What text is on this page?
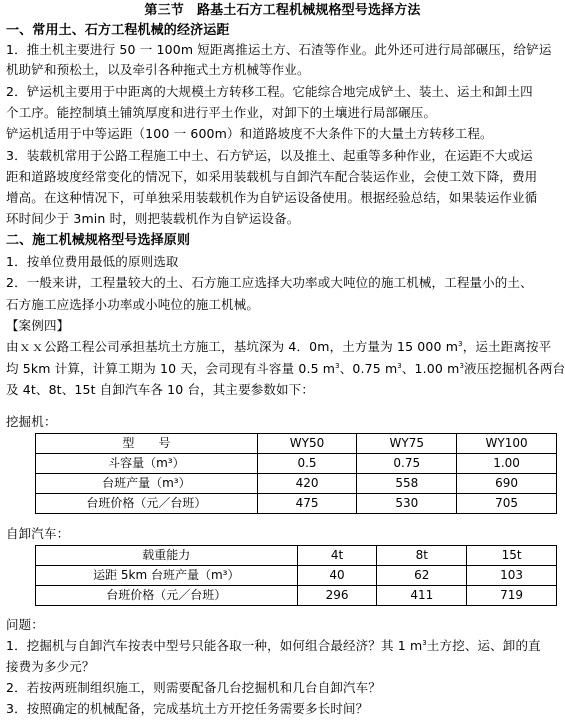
第三节　路基土石方工程机械规格型号选择方法
一、常用土、石方工程机械的经济运距
1．推土机主要进行 50 一 100m 短距离推运土方、石渣等作业。此外还可进行局部碾压，给铲运
机助铲和预松土，以及牵引各种拖式土方机械等作业。
2．铲运机主要用于中距离的大规模土方转移工程。它能综合地完成铲土、装土、运土和卸土四
个工序。能控制填土铺筑厚度和进行平土作业，对卸下的土壤进行局部碾压。
铲运机适用于中等运距（100 一 600m）和道路坡度不大条件下的大量土方转移工程。
3．装载机常用于公路工程施工中土、石方铲运，以及推土、起重等多种作业，在运距不大或运
距和道路坡度经常变化的情况下，如采用装载机与自卸汽车配合装运作业，会使工效下降，费用
增高。在这种情况下，可单独采用装载机作为自铲运设备使用。根据经验总结，如果装运作业循
环时间少于 3min 时，则把装载机作为自铲运设备。
二、施工机械规格型号选择原则
1．按单位费用最低的原则选取
2．一般来讲，工程量较大的土、石方施工应选择大功率或大吨位的施工机械，工程量小的土、
石方施工应选择小功率或小吨位的施工机械。
【案例四】
由ｘｘ公路工程公司承担基坑土方施工，基坑深为 4．0m，土方量为 15 000 $m^3$，运土距离按平
均 5km 计算，计算工期为 10 天，会司现有斗容量 0.5 $m^3$、0.75 $m^3$、1.00 $m^3$液压挖掘机各两台
及 4t、8t、15t 自卸汽车各 10 台，其主要参数如下：
挖掘机：
型　　号	WY50	WY75	WY100
斗容量（m³）	0.5	0.75	1.00
台班产量（m³）	420	558	690
台班价格（元／台班）	475	530	705
自卸汽车：
载重能力	4t	8t	15t
运距 5km 台班产量（m³）	40	62	103
台班价格（元／台班）	296	411	719
问题：
1．挖掘机与自卸汽车按表中型号只能各取一种，如何组合最经济？其 1 $m^3$土方挖、运、卸的直
接费为多少元？
2．若按两班制组织施工，则需要配备几台挖掘机和几台自卸汽车？
3．按照确定的机械配备，完成基坑土方开挖任务需要多长时间？
